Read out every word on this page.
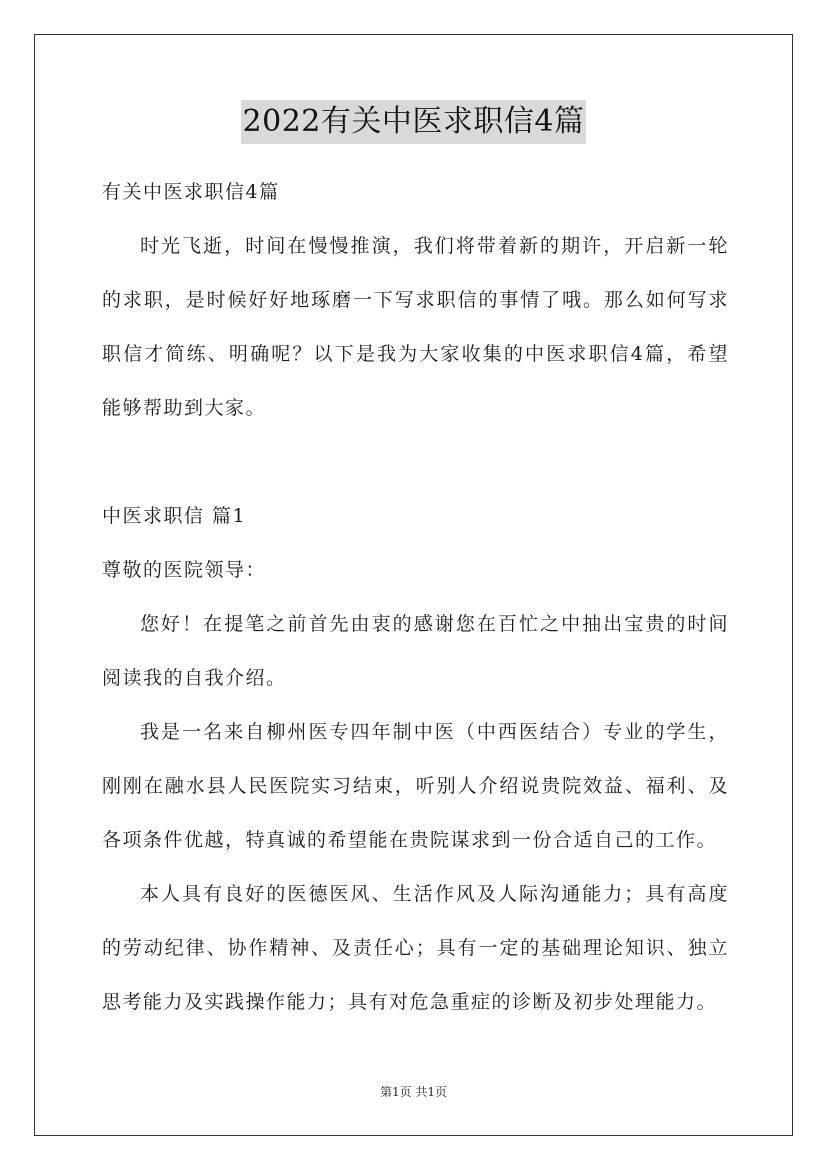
2022有关中医求职信4篇

有关中医求职信4篇

时光飞逝，时间在慢慢推演，我们将带着新的期许，开启新一轮的求职，是时候好好地琢磨一下写求职信的事情了哦。那么如何写求职信才简练、明确呢？以下是我为大家收集的中医求职信4篇，希望能够帮助到大家。

中医求职信 篇1

尊敬的医院领导：

您好！在提笔之前首先由衷的感谢您在百忙之中抽出宝贵的时间阅读我的自我介绍。

我是一名来自柳州医专四年制中医（中西医结合）专业的学生，刚刚在融水县人民医院实习结束，听别人介绍说贵院效益、福利、及各项条件优越，特真诚的希望能在贵院谋求到一份合适自己的工作。

本人具有良好的医德医风、生活作风及人际沟通能力；具有高度的劳动纪律、协作精神、及责任心；具有一定的基础理论知识、独立思考能力及实践操作能力；具有对危急重症的诊断及初步处理能力。

第1页 共1页
